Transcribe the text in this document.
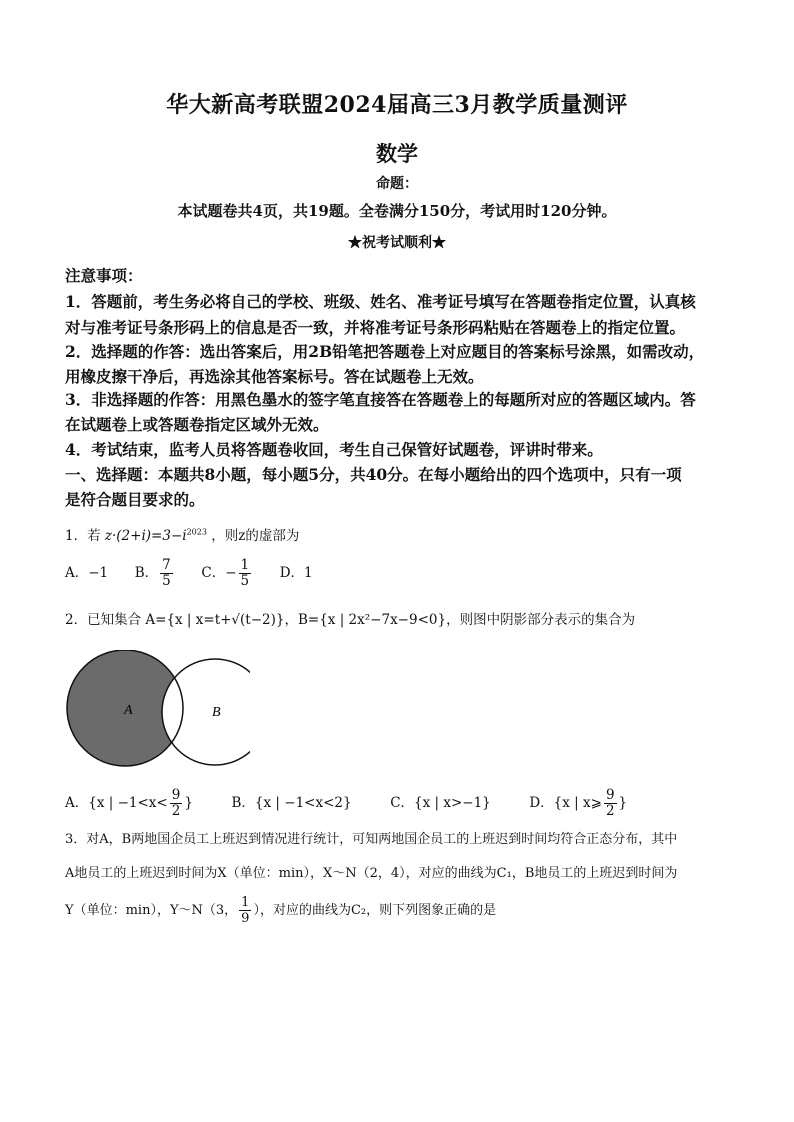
华大新高考联盟2024届高三3月教学质量测评
数学
命题：
本试题卷共4页，共19题。全卷满分150分，考试用时120分钟。
★祝考试顺利★
注意事项：
1．答题前，考生务必将自己的学校、班级、姓名、准考证号填写在答题卷指定位置，认真核
对与准考证号条形码上的信息是否一致，并将准考证号条形码粘贴在答题卷上的指定位置。
2．选择题的作答：选出答案后，用2B铅笔把答题卷上对应题目的答案标号涂黑，如需改动，
用橡皮擦干净后，再选涂其他答案标号。答在试题卷上无效。
3．非选择题的作答：用黑色墨水的签字笔直接答在答题卷上的每题所对应的答题区域内。答
在试题卷上或答题卷指定区域外无效。
4．考试结束，监考人员将答题卷收回，考生自己保管好试题卷，评讲时带来。
一、选择题：本题共8小题，每小题5分，共40分。在每小题给出的四个选项中，只有一项
是符合题目要求的。
1．若 $z\cdot(2+i)=3-i^{2023}$ ，则z的虚部为
A．−1 B． $\frac{7}{5}$ C．− $\frac{1}{5}$ D．1
2．已知集合 A={x | x=t+√(t−2)}，B={x | 2x²−7x−9<0}，则图中阴影部分表示的集合为
A	B
A．{x | $-1<x< \frac{9}{2}$ }	B．{x | −1<x<2}	C．{x | x>−1}	D．{x | x⩾ $\frac{9}{2}$ }
3．对A，B两地国企员工上班迟到情况进行统计，可知两地国企员工的上班迟到时间均符合正态分布，其中
A地员工的上班迟到时间为X（单位：min），X～N（2，4），对应的曲线为C₁，B地员工的上班迟到时间为
Y（单位：min），Y～N（3， $\frac{1}{9}$ ），对应的曲线为C₂，则下列图象正确的是
